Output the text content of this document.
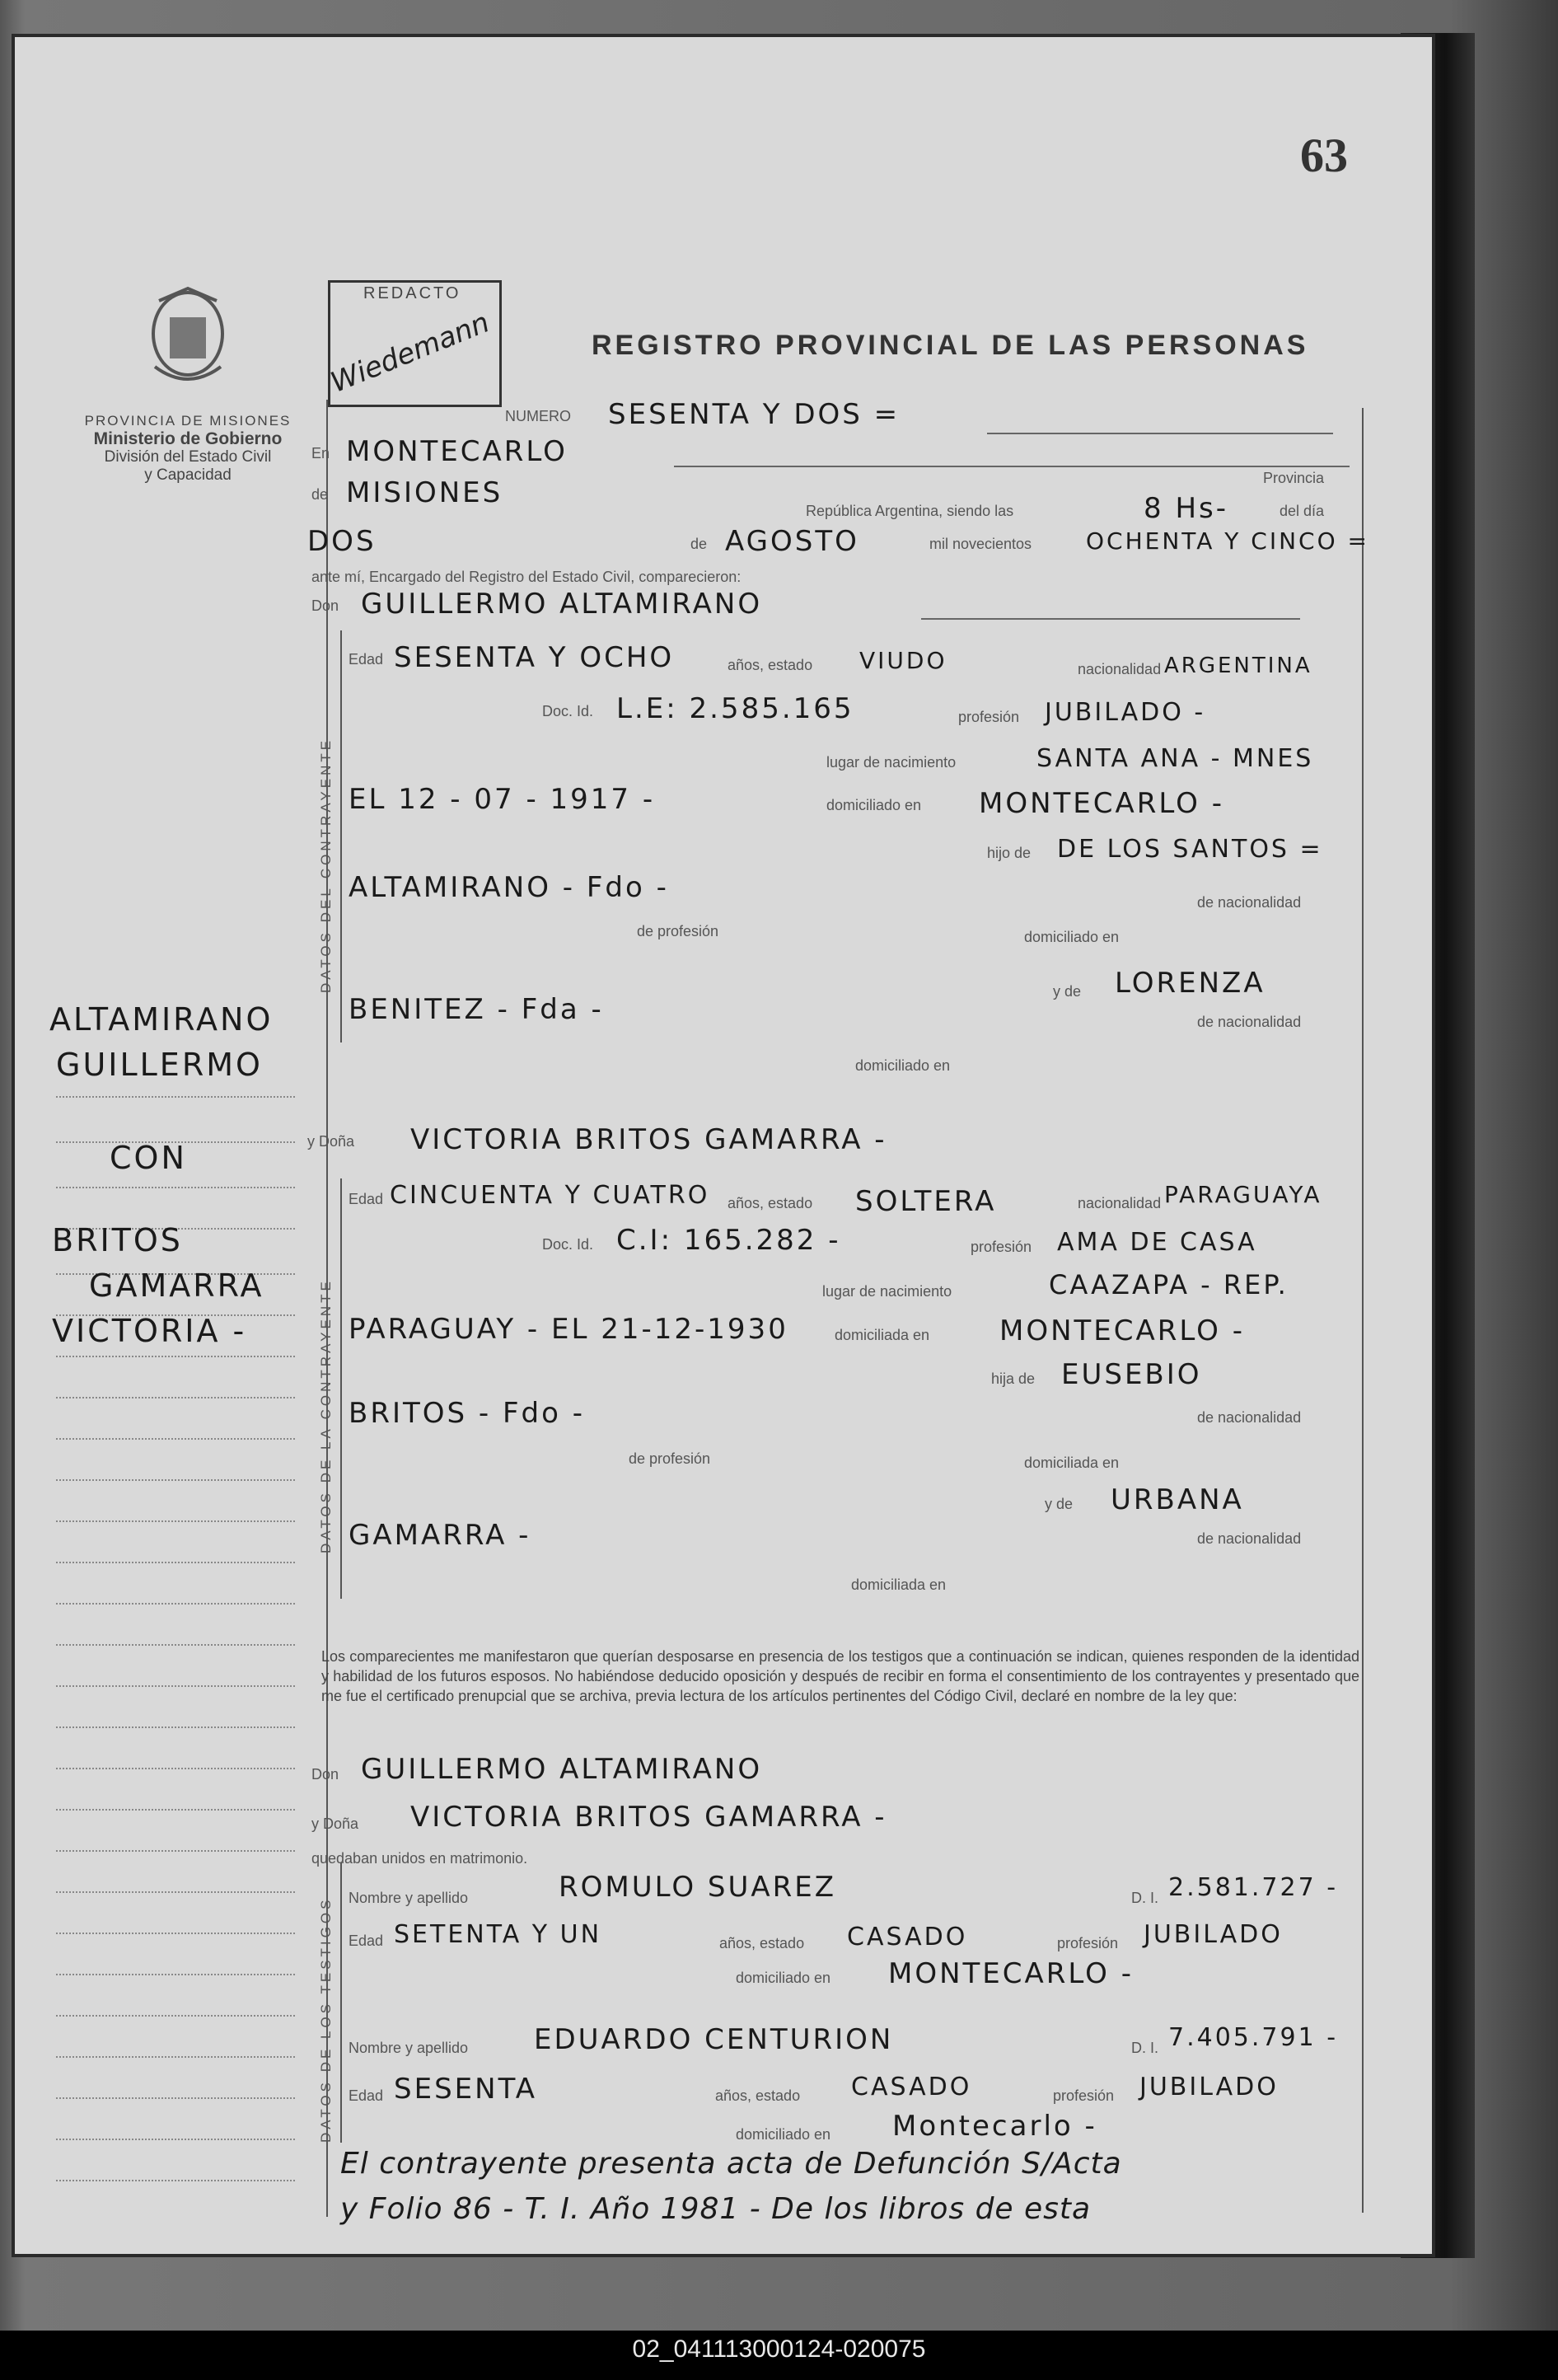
63
PROVINCIA DE MISIONES
Ministerio de Gobierno
División del Estado Civil
y Capacidad
REDACTO
Wiedemann	REGISTRO PROVINCIAL DE LAS PERSONAS
NUMERO SESENTA Y DOS =
En MONTECARLO
de MISIONES	Provincia
República Argentina, siendo las	8 Hs-	del día
DOS	de AGOSTO	mil novecientos OCHENTA Y CINCO =
ante mí, Encargado del Registro del Estado Civil, comparecieron:
Don GUILLERMO ALTAMIRANO
DATOS DEL CONTRAYENTE
Edad SESENTA Y OCHO	años, estado VIUDO	nacionalidad ARGENTINA
Doc. Id. L.E: 2.585.165	profesión JUBILADO -
lugar de nacimiento	SANTA ANA - MNES
EL 12 - 07 - 1917 -	domiciliado en MONTECARLO -
hijo de DE LOS SANTOS =
ALTAMIRANO - Fdo -	de nacionalidad
de profesión	domiciliado en
y de LORENZA
BENITEZ - Fda -	de nacionalidad
domiciliado en
y Doña VICTORIA BRITOS GAMARRA -
DATOS DE LA CONTRAYENTE
Edad CINCUENTA Y CUATRO años, estado SOLTERA	nacionalidad PARAGUAYA
Doc. Id. C.I: 165.282 -	profesión AMA DE CASA
lugar de nacimiento	CAAZAPA - REP.
PARAGUAY - EL 21-12-1930	domiciliada en MONTECARLO -
hija de EUSEBIO
BRITOS - Fdo -	de nacionalidad
de profesión	domiciliada en
y de URBANA
GAMARRA -	de nacionalidad
domiciliada en
Los comparecientes me manifestaron que querían desposarse en presencia de los testigos que a continuación se indican, quienes responden de la identidad y habilidad de los futuros esposos. No habiéndose deducido oposición y después de recibir en forma el consentimiento de los contrayentes y presentado que me fue el certificado prenupcial que se archiva, previa lectura de los artículos pertinentes del Código Civil, declaré en nombre de la ley que:
Don GUILLERMO ALTAMIRANO
y Doña VICTORIA BRITOS GAMARRA -
quedaban unidos en matrimonio.
DATOS DE LOS TESTIGOS Nombre y apellido	ROMULO SUAREZ	D. I. 2.581.727 -
Edad SETENTA Y UN	años, estado CASADO	profesión JUBILADO
domiciliado en MONTECARLO -
Nombre y apellido EDUARDO CENTURION	D. I. 7.405.791 -
Edad SESENTA	años, estado CASADO	profesión JUBILADO
domiciliado en Montecarlo -
El contrayente presenta acta de Defunción S/Acta
y Folio 86 - T. I. Año 1981 - De los libros de esta
ALTAMIRANO
GUILLERMO
CON
BRITOS
GAMARRA
VICTORIA -
02_041113000124-020075
